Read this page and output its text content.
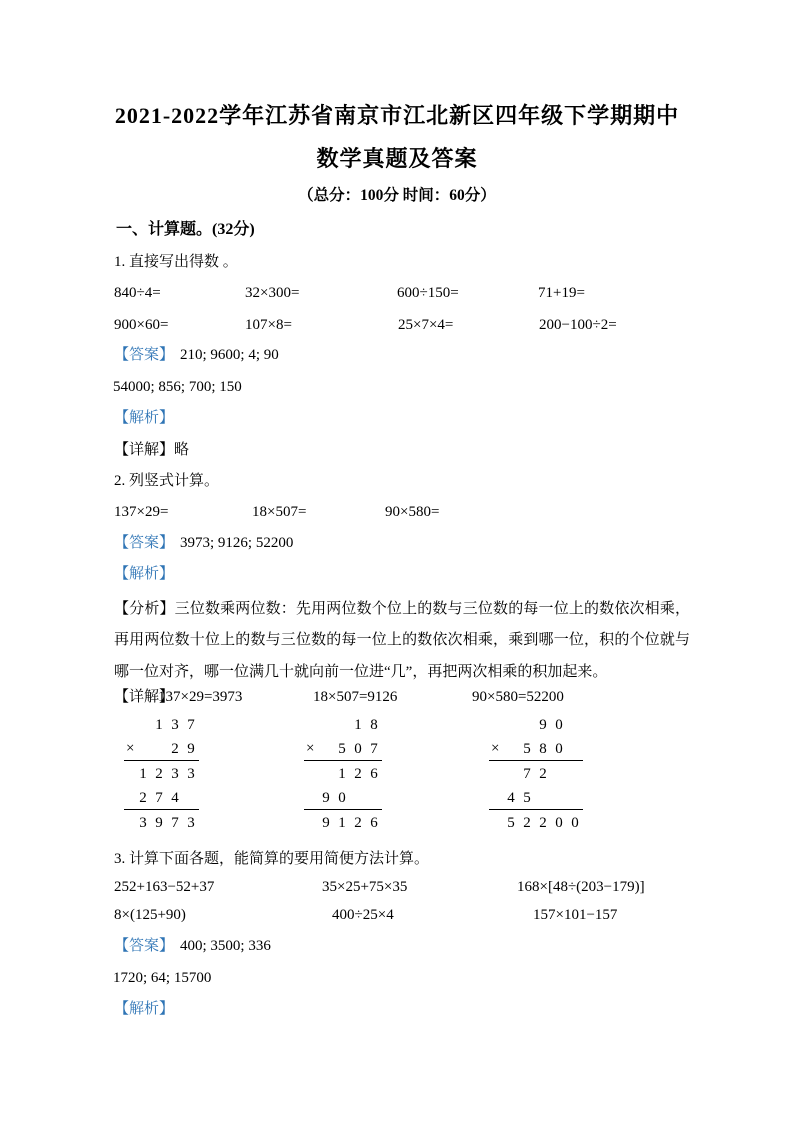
2021-2022学年江苏省南京市江北新区四年级下学期期中数学真题及答案
（总分：100分 时间：60分）
一、计算题。(32分)
1. 直接写出得数 。
840÷4=	32×300=	600÷150=	71+19=
900×60=	107×8=	25×7×4=	200−100÷2=
【答案】 210; 9600; 4; 90
54000; 856; 700; 150
【解析】
【详解】略
2. 列竖式计算。
137×29=	18×507=	90×580=
【答案】 3973; 9126; 52200
【解析】
【分析】三位数乘两位数：先用两位数个位上的数与三位数的每一位上的数依次相乘，再用两位数十位上的数与三位数的每一位上的数依次相乘，乘到哪一位，积的个位就与哪一位对齐，哪一位满几十就向前一位进“几”，再把两次相乘的积加起来。
【详解】
137×29=3973	18×507=9126	90×580=52200
1 3 7
× 2 9
1 2 3 3
2 7 4
3 9 7 3
1 8
× 5 0 7
1 2 6
9 0
9 1 2 6
9 0
× 5 8 0
7 2
4 5
5 2 2 0 0
3. 计算下面各题，能简算的要用简便方法计算。
252+163−52+37	35×25+75×35	168×[48÷(203−179)]
8×(125+90)	400÷25×4	157×101−157
【答案】 400; 3500; 336
1720; 64; 15700
【解析】
